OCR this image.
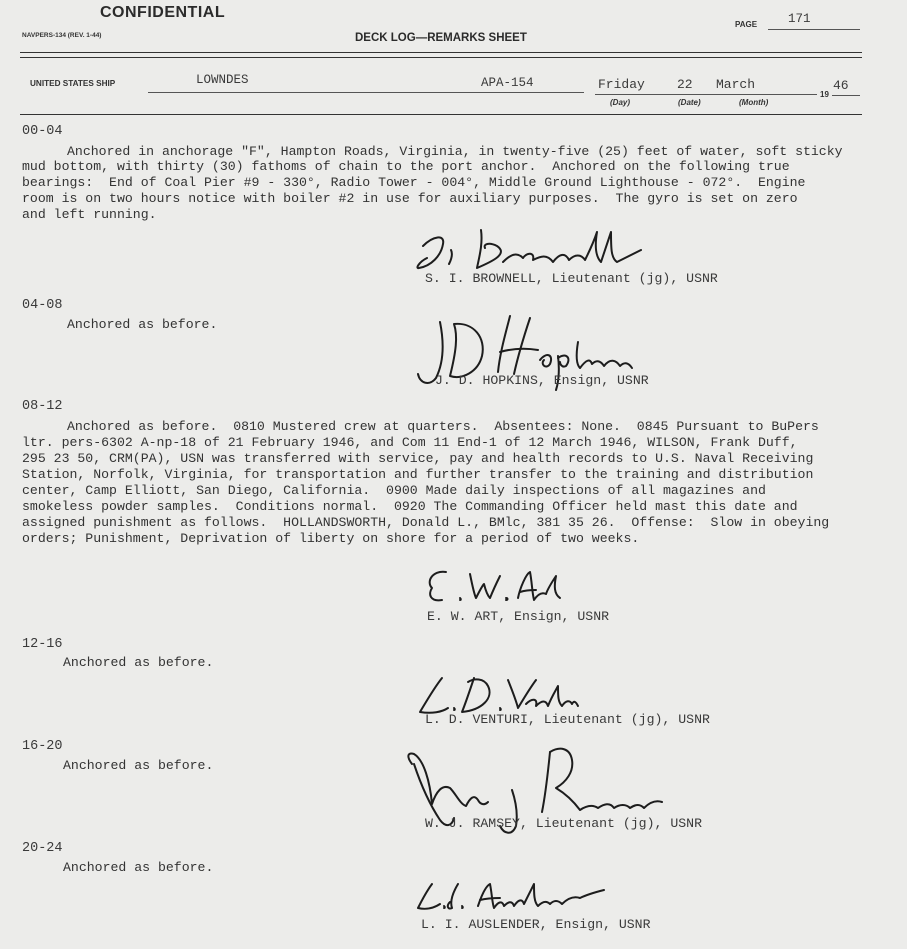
CONFIDENTIAL
NAVPERS-134 (REV. 1-44)	DECK LOG—REMARKS SHEET
PAGE 171
UNITED STATES SHIP	LOWNDES	APA-154	Friday 22 March
(Day)	(Date)	(Month)
19
46
00-04
Anchored in anchorage "F", Hampton Roads, Virginia, in twenty-five (25) feet of water, soft sticky
mud bottom, with thirty (30) fathoms of chain to the port anchor.  Anchored on the following true
bearings:  End of Coal Pier #9 - 330°, Radio Tower - 004°, Middle Ground Lighthouse - 072°.  Engine
room is on two hours notice with boiler #2 in use for auxiliary purposes.  The gyro is set on zero
and left running.
S. I. BROWNELL, Lieutenant (jg), USNR
04-08
Anchored as before.
J. D. HOPKINS, Ensign, USNR
08-12
Anchored as before.  0810 Mustered crew at quarters.  Absentees: None.  0845 Pursuant to BuPers
ltr. pers-6302 A-np-18 of 21 February 1946, and Com 11 End-1 of 12 March 1946, WILSON, Frank Duff,
295 23 50, CRM(PA), USN was transferred with service, pay and health records to U.S. Naval Receiving
Station, Norfolk, Virginia, for transportation and further transfer to the training and distribution
center, Camp Elliott, San Diego, California.  0900 Made daily inspections of all magazines and
smokeless powder samples.  Conditions normal.  0920 The Commanding Officer held mast this date and
assigned punishment as follows.  HOLLANDSWORTH, Donald L., BMlc, 381 35 26.  Offense:  Slow in obeying
orders; Punishment, Deprivation of liberty on shore for a period of two weeks.
E. W. ART, Ensign, USNR
12-16
Anchored as before.
L. D. VENTURI, Lieutenant (jg), USNR
16-20
Anchored as before.
W. J. RAMSEY, Lieutenant (jg), USNR
20-24
Anchored as before.
L. I. AUSLENDER, Ensign, USNR
